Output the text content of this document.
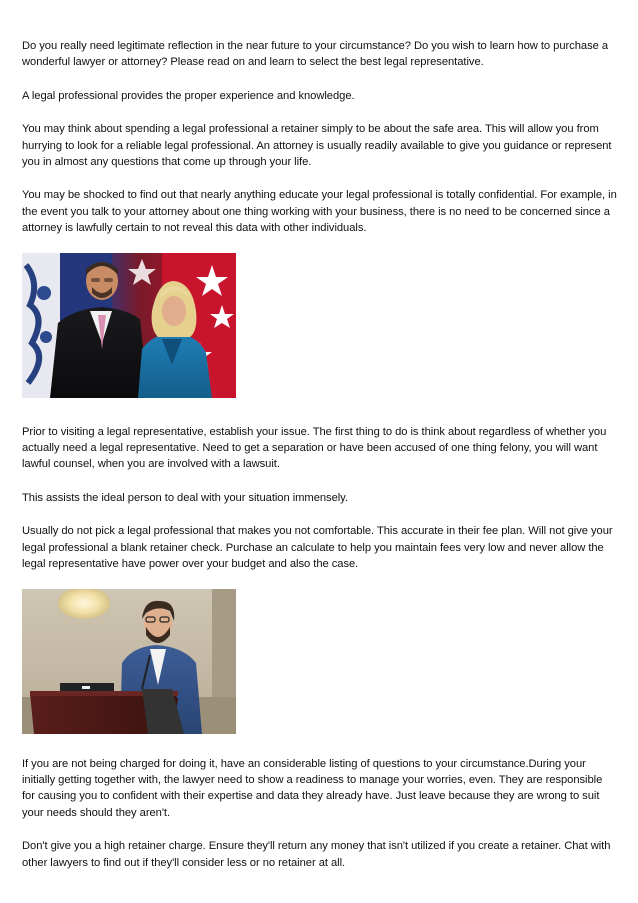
Do you really need legitimate reflection in the near future to your circumstance? Do you wish to learn how to purchase a wonderful lawyer or attorney? Please read on and learn to select the best legal representative.

A legal professional provides the proper experience and knowledge.

You may think about spending a legal professional a retainer simply to be about the safe area. This will allow you from hurrying to look for a reliable legal professional. An attorney is usually readily available to give you guidance or represent you in almost any questions that come up through your life.

You may be shocked to find out that nearly anything educate your legal professional is totally confidential. For example, in the event you talk to your attorney about one thing working with your business, there is no need to be concerned since a attorney is lawfully certain to not reveal this data with other individuals.

Prior to visiting a legal representative, establish your issue. The first thing to do is think about regardless of whether you actually need a legal representative. Need to get a separation or have been accused of one thing felony, you will want lawful counsel, when you are involved with a lawsuit.

This assists the ideal person to deal with your situation immensely.

Usually do not pick a legal professional that makes you not comfortable. This accurate in their fee plan. Will not give your legal professional a blank retainer check. Purchase an calculate to help you maintain fees very low and never allow the legal representative have power over your budget and also the case.

If you are not being charged for doing it, have an considerable listing of questions to your circumstance.During your initially getting together with, the lawyer need to show a readiness to manage your worries, even. They are responsible for causing you to confident with their expertise and data they already have. Just leave because they are wrong to suit your needs should they aren't.

Don't give you a high retainer charge. Ensure they'll return any money that isn't utilized if you create a retainer. Chat with other lawyers to find out if they'll consider less or no retainer at all.
